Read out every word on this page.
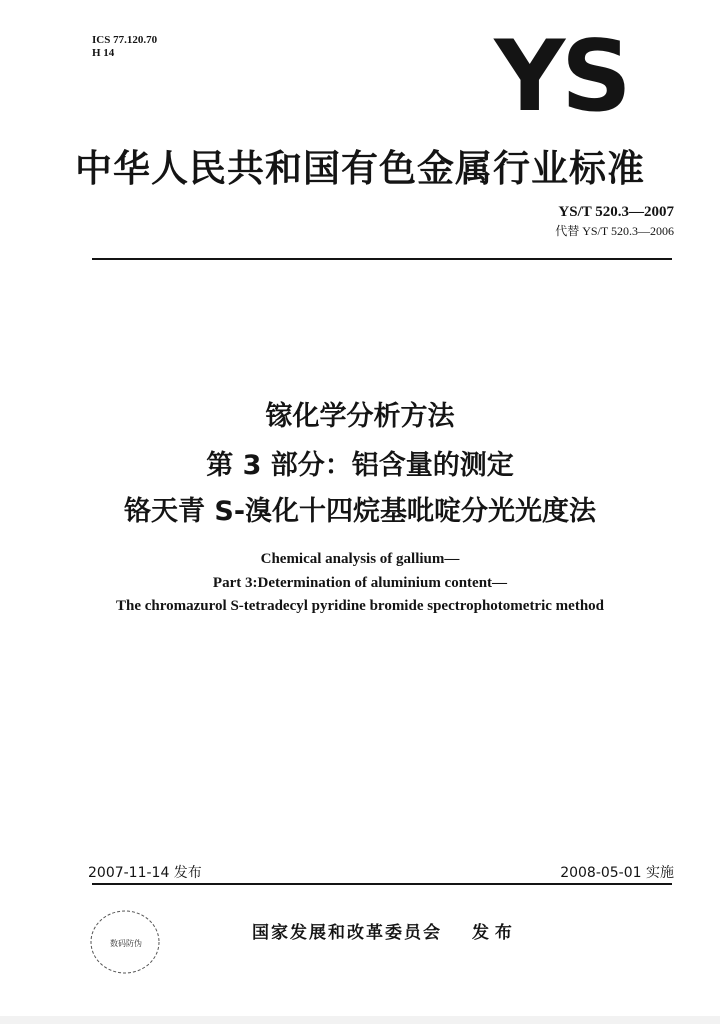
ICS 77.120.70
H 14	YS
中华人民共和国有色金属行业标准
YS/T 520.3—2007
代替 YS/T 520.3—2006
镓化学分析方法
第 3 部分：铝含量的测定
铬天青 S-溴化十四烷基吡啶分光光度法
Chemical analysis of gallium—
Part 3:Determination of aluminium content—
The chromazurol S-tetradecyl pyridine bromide spectrophotometric method
2007-11-14 发布	2008-05-01 实施
数码防伪
国家发展和改革委员会 发 布
